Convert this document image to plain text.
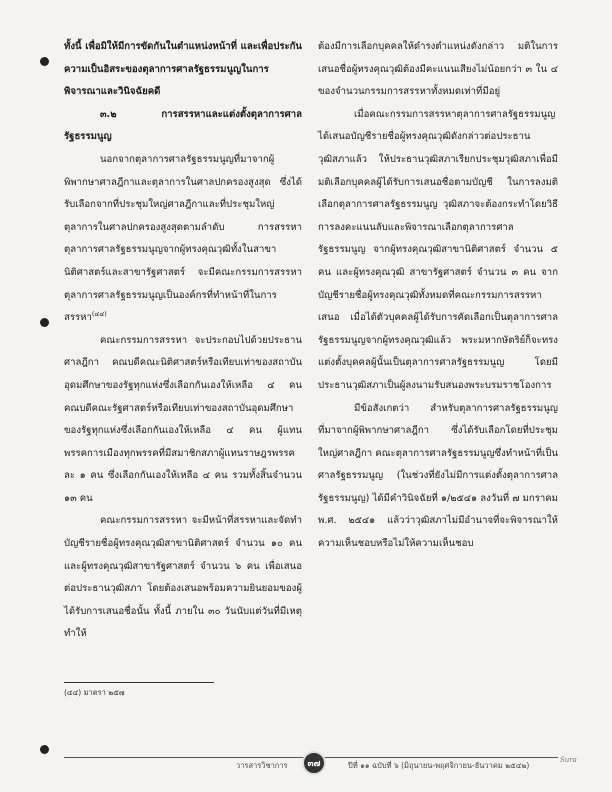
ทั้งนี้ เพื่อมิให้มีการขัดกันในตำแหน่งหน้าที่ และเพื่อประกันความเป็นอิสระของตุลาการศาลรัฐธรรมนูญในการพิจารณาและวินิจฉัยคดี

๓.๒	การสรรหาและแต่งตั้งตุลาการศาลรัฐธรรมนูญ

นอกจากตุลาการศาลรัฐธรรมนูญที่มาจากผู้พิพากษาศาลฎีกาและตุลาการในศาลปกครองสูงสุด ซึ่งได้รับเลือกจากที่ประชุมใหญ่ศาลฎีกาและที่ประชุมใหญ่ตุลาการในศาลปกครองสูงสุดตามลำดับ การสรรหาตุลาการศาลรัฐธรรมนูญจากผู้ทรงคุณวุฒิทั้งในสาขานิติศาสตร์และสาขารัฐศาสตร์ จะมีคณะกรรมการสรรหาตุลาการศาลรัฐธรรมนูญเป็นองค์กรที่ทำหน้าที่ในการสรรหา$^{(๔๔)}$

คณะกรรมการสรรหา จะประกอบไปด้วยประธานศาลฎีกา คณบดีคณะนิติศาสตร์หรือเทียบเท่าของสถาบันอุดมศึกษาของรัฐทุกแห่งซึ่งเลือกกันเองให้เหลือ ๔ คน คณบดีคณะรัฐศาสตร์หรือเทียบเท่าของสถาบันอุดมศึกษาของรัฐทุกแห่งซึ่งเลือกกันเองให้เหลือ ๔ คน ผู้แทนพรรคการเมืองทุกพรรคที่มีสมาชิกสภาผู้แทนราษฎรพรรคละ ๑ คน ซึ่งเลือกกันเองให้เหลือ ๔ คน รวมทั้งสิ้นจำนวน ๑๓ คน

คณะกรรมการสรรหา จะมีหน้าที่สรรหาและจัดทำบัญชีรายชื่อผู้ทรงคุณวุฒิสาขานิติศาสตร์ จำนวน ๑๐ คน และผู้ทรงคุณวุฒิสาขารัฐศาสตร์ จำนวน ๖ คน เพื่อเสนอต่อประธานวุฒิสภา โดยต้องเสนอพร้อมความยินยอมของผู้ได้รับการเสนอชื่อนั้น ทั้งนี้ ภายใน ๓๐ วันนับแต่วันที่มีเหตุทำให้

ต้องมีการเลือกบุคคลให้ดำรงตำแหน่งดังกล่าว มติในการเสนอชื่อผู้ทรงคุณวุฒิต้องมีคะแนนเสียงไม่น้อยกว่า ๓ ใน ๔ ของจำนวนกรรมการสรรหาทั้งหมดเท่าที่มีอยู่

เมื่อคณะกรรมการสรรหาตุลาการศาลรัฐธรรมนูญ ได้เสนอบัญชีรายชื่อผู้ทรงคุณวุฒิดังกล่าวต่อประธานวุฒิสภาแล้ว ให้ประธานวุฒิสภาเรียกประชุมวุฒิสภาเพื่อมีมติเลือกบุคคลผู้ได้รับการเสนอชื่อตามบัญชี ในการลงมติเลือกตุลาการศาลรัฐธรรมนูญ วุฒิสภาจะต้องกระทำโดยวิธีการลงคะแนนลับและพิจารณาเลือกตุลาการศาลรัฐธรรมนูญ จากผู้ทรงคุณวุฒิสาขานิติศาสตร์ จำนวน ๕ คน และผู้ทรงคุณวุฒิ สาขารัฐศาสตร์ จำนวน ๓ คน จากบัญชีรายชื่อผู้ทรงคุณวุฒิทั้งหมดที่คณะกรรมการสรรหา เสนอ เมื่อได้ตัวบุคคลผู้ได้รับการคัดเลือกเป็นตุลาการศาลรัฐธรรมนูญจากผู้ทรงคุณวุฒิแล้ว พระมหากษัตริย์ก็จะทรงแต่งตั้งบุคคลผู้นั้นเป็นตุลาการศาลรัฐธรรมนูญ โดยมีประธานวุฒิสภาเป็นผู้ลงนามรับสนองพระบรมราชโองการ

มีข้อสังเกตว่า สำหรับตุลาการศาลรัฐธรรมนูญที่มาจากผู้พิพากษาศาลฎีกา ซึ่งได้รับเลือกโดยที่ประชุมใหญ่ศาลฎีกา คณะตุลาการศาลรัฐธรรมนูญซึ่งทำหน้าที่เป็นศาลรัฐธรรมนูญ (ในช่วงที่ยังไม่มีการแต่งตั้งตุลาการศาลรัฐธรรมนูญ) ได้มีคำวินิจฉัยที่ ๑/๒๕๔๑ ลงวันที่ ๗ มกราคม พ.ศ. ๒๕๔๑ แล้วว่าวุฒิสภาไม่มีอำนาจที่จะพิจารณาให้ความเห็นชอบหรือไม่ให้ความเห็นชอบ

(๔๔) มาตรา ๒๕๗
วารสารวิชาการ	๓๗	ปีที่ ๑๑ ฉบับที่ ๖ (มิถุนายน-พฤศจิกายน-ธันวาคม ๒๕๔๒)
Sura
